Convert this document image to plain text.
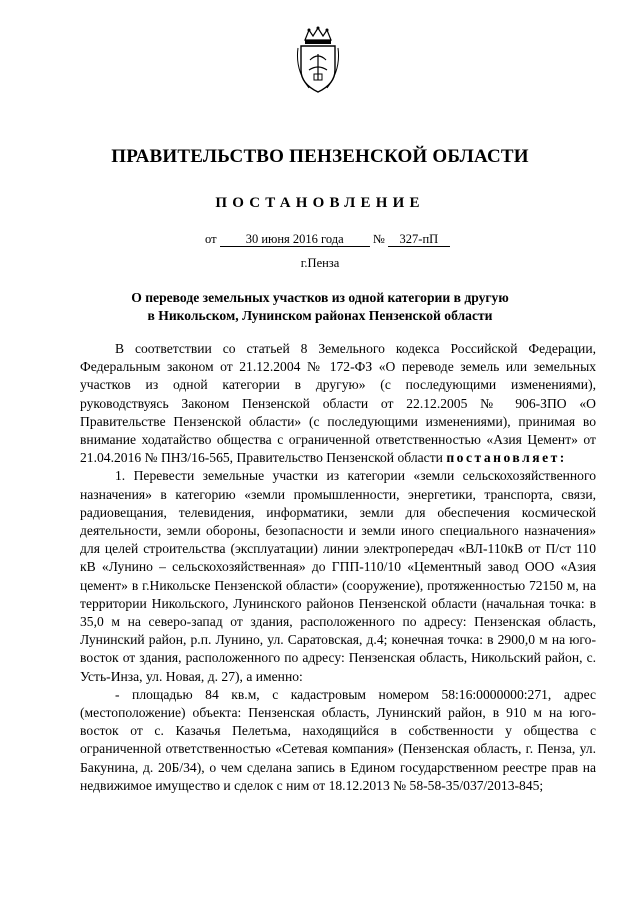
ПРАВИТЕЛЬСТВО ПЕНЗЕНСКОЙ ОБЛАСТИ
ПОСТАНОВЛЕНИЕ
от 30 июня 2016 года № 327-пП
г.Пенза
О переводе земельных участков из одной категории в другую
в Никольском, Лунинском районах Пензенской области

В соответствии со статьей 8 Земельного кодекса Российской Федерации, Федеральным законом от 21.12.2004 № 172-ФЗ «О переводе земель или земельных участков из одной категории в другую» (с последующими изменениями), руководствуясь Законом Пензенской области от 22.12.2005 № 906-ЗПО «О Правительстве Пензенской области» (с последующими изменениями), принимая во внимание ходатайство общества с ограниченной ответственностью «Азия Цемент» от 21.04.2016 № ПНЗ/16-565, Правительство Пензенской области постановляет:

1. Перевести земельные участки из категории «земли сельскохозяйственного назначения» в категорию «земли промышленности, энергетики, транспорта, связи, радиовещания, телевидения, информатики, земли для обеспечения космической деятельности, земли обороны, безопасности и земли иного специального назначения» для целей строительства (эксплуатации) линии электропередач «ВЛ-110кВ от П/ст 110 кВ «Лунино – сельскохозяйственная» до ГПП-110/10 «Цементный завод ООО «Азия цемент» в г.Никольске Пензенской области» (сооружение), протяженностью 72150 м, на территории Никольского, Лунинского районов Пензенской области (начальная точка: в 35,0 м на северо-запад от здания, расположенного по адресу: Пензенская область, Лунинский район, р.п. Лунино, ул. Саратовская, д.4; конечная точка: в 2900,0 м на юго-восток от здания, расположенного по адресу: Пензенская область, Никольский район, с. Усть-Инза, ул. Новая, д. 27), а именно:

- площадью 84 кв.м, с кадастровым номером 58:16:0000000:271, адрес (местоположение) объекта: Пензенская область, Лунинский район, в 910 м на юго-восток от с. Казачья Пелетьма, находящийся в собственности у общества с ограниченной ответственностью «Сетевая компания» (Пензенская область, г. Пенза, ул. Бакунина, д. 20Б/34), о чем сделана запись в Едином государственном реестре прав на недвижимое имущество и сделок с ним от 18.12.2013 № 58-58-35/037/2013-845;
